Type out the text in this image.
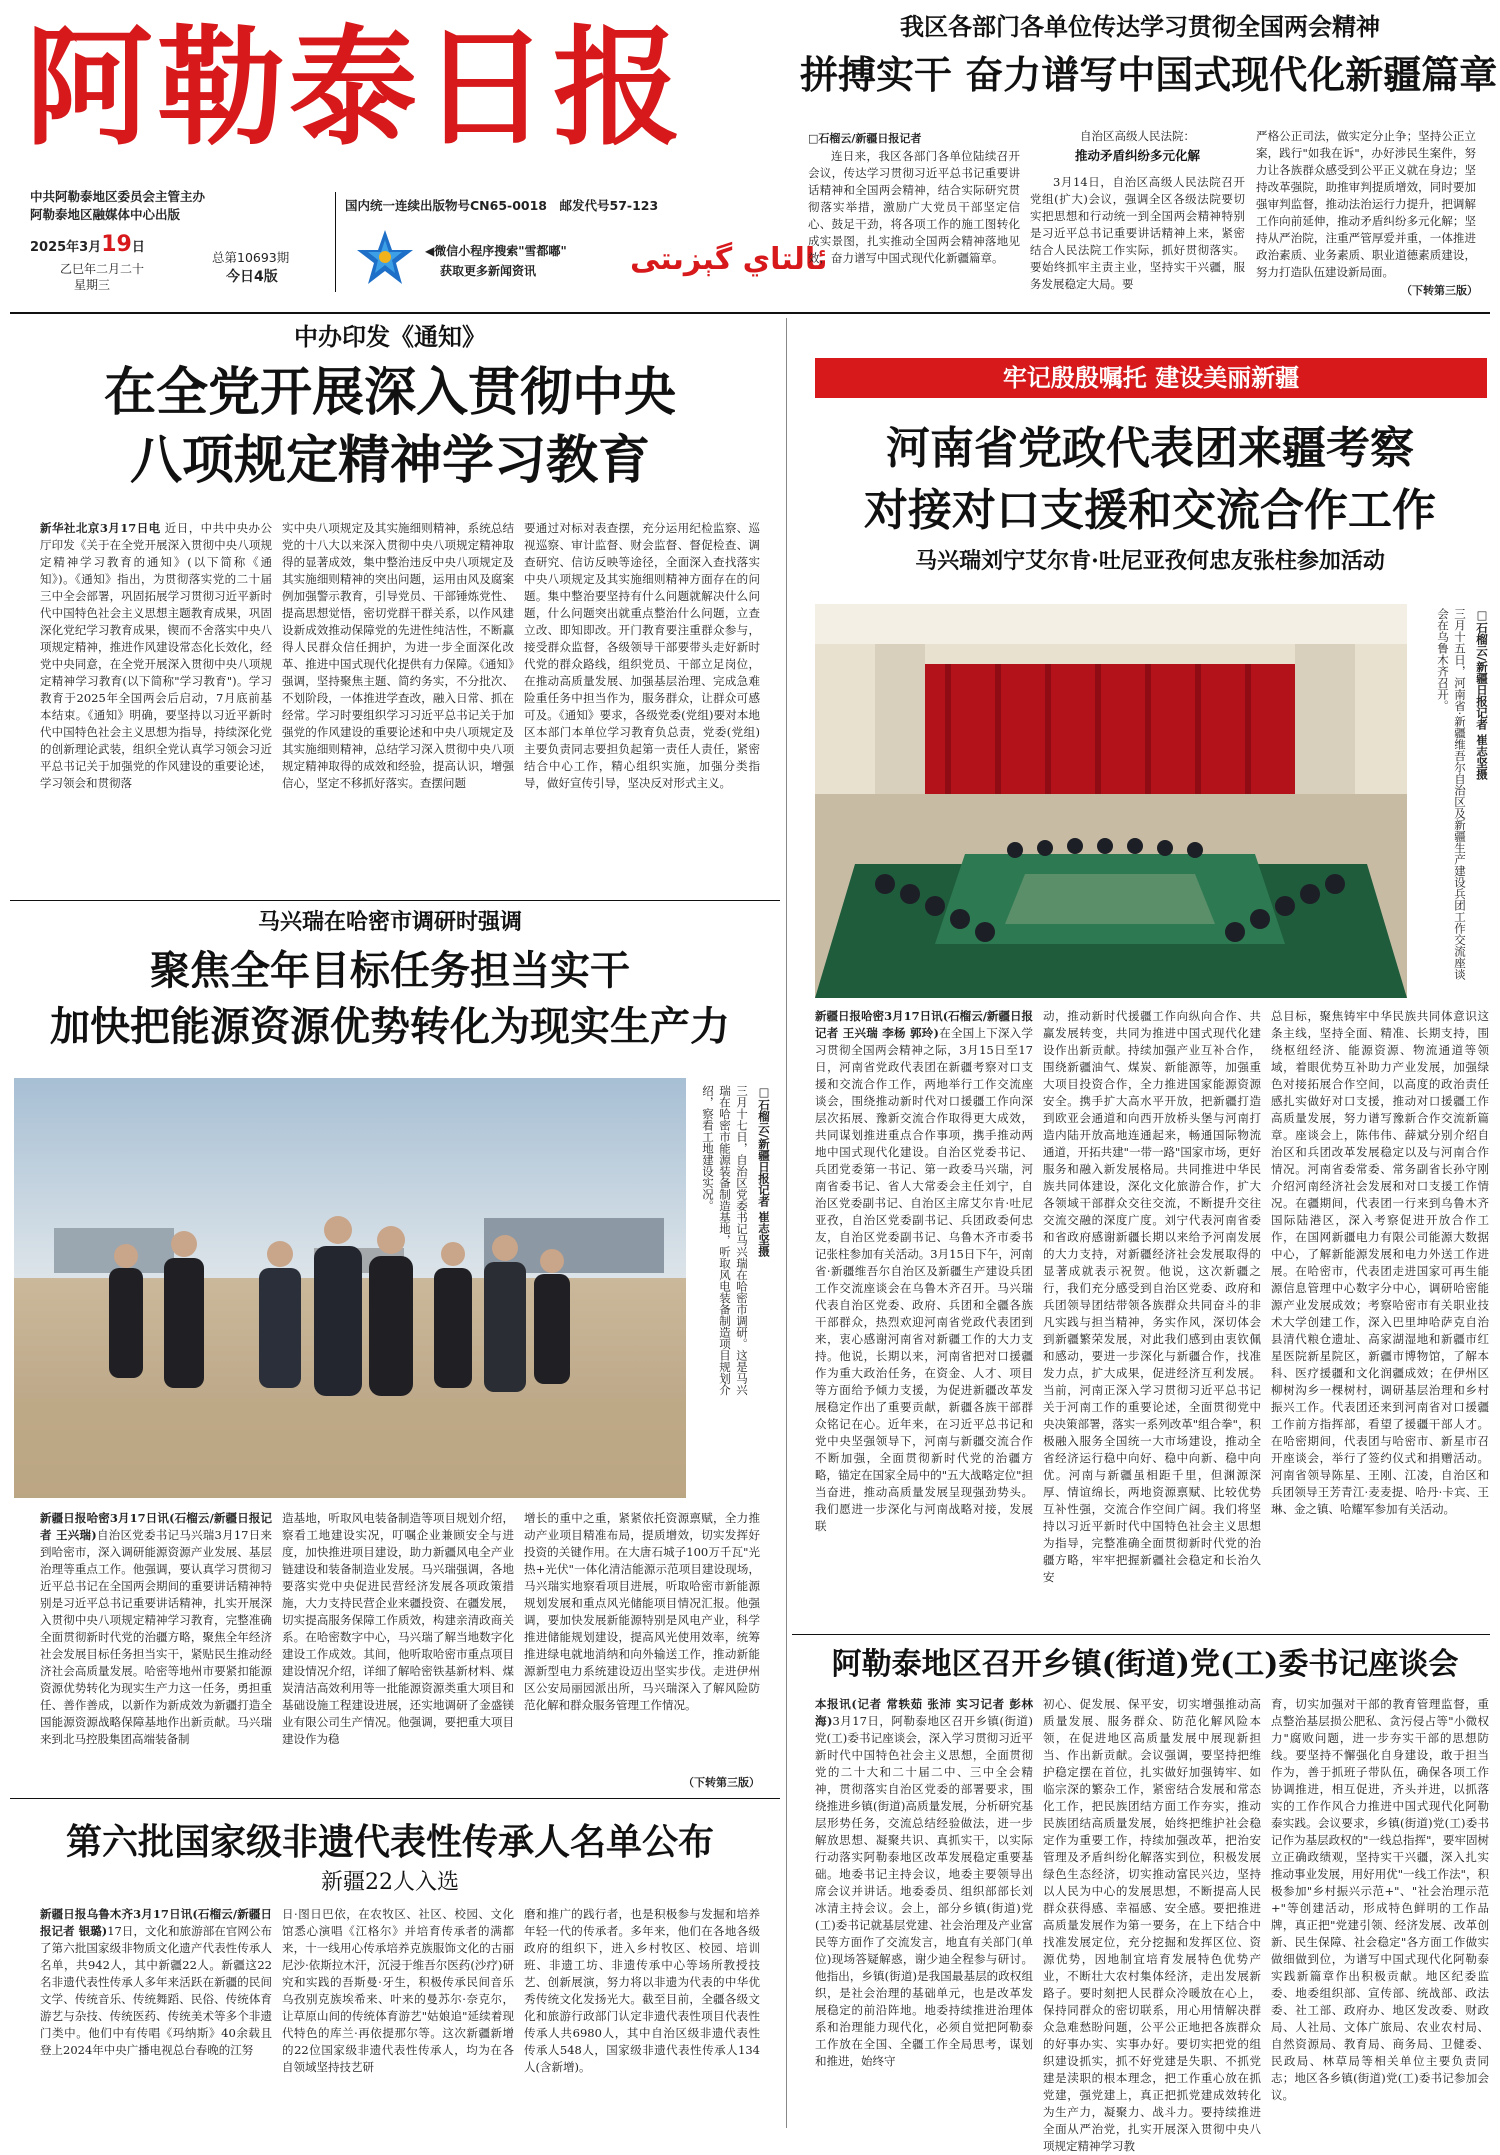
阿勒泰日报
中共阿勒泰地区委员会主管主办
阿勒泰地区融媒体中心出版
2025年3月19日
乙巳年二月二十
星期三
总第10693期
今日4版
国内统一连续出版物号CN65-0018　邮发代号57-123
◀微信小程序搜索"雪都嘟"
获取更多新闻资讯	ئالتاي گېزىتى
我区各部门各单位传达学习贯彻全国两会精神
拼搏实干 奋力谱写中国式现代化新疆篇章
□石榴云/新疆日报记者
连日来，我区各部门各单位陆续召开会议，传达学习贯彻习近平总书记重要讲话精神和全国两会精神，结合实际研究贯彻落实举措，激励广大党员干部坚定信心、鼓足干劲，将各项工作的施工图转化成实景图，扎实推动全国两会精神落地见效，奋力谱写中国式现代化新疆篇章。
自治区高级人民法院：
推动矛盾纠纷多元化解
3月14日，自治区高级人民法院召开党组(扩大)会议，强调全区各级法院要切实把思想和行动统一到全国两会精神特别是习近平总书记重要讲话精神上来，紧密结合人民法院工作实际，抓好贯彻落实。要始终抓牢主责主业，坚持实干兴疆，服务发展稳定大局。要
严格公正司法，做实定分止争；坚持公正立案，践行"如我在诉"，办好涉民生案件，努力让各族群众感受到公平正义就在身边；坚持改革强院，助推审判提质增效，同时要加强审判监督，推动法治运行力提升，把调解工作向前延伸，推动矛盾纠纷多元化解；坚持从严治院，注重严管厚爱并重，一体推进政治素质、业务素质、职业道德素质建设，努力打造队伍建设新局面。
（下转第三版）
中办印发《通知》
在全党开展深入贯彻中央
八项规定精神学习教育
新华社北京3月17日电 近日，中共中央办公厅印发《关于在全党开展深入贯彻中央八项规定精神学习教育的通知》(以下简称《通知》)。《通知》指出，为贯彻落实党的二十届三中全会部署，巩固拓展学习贯彻习近平新时代中国特色社会主义思想主题教育成果，巩固深化党纪学习教育成果，锲而不舍落实中央八项规定精神，推进作风建设常态化长效化，经党中央同意，在全党开展深入贯彻中央八项规定精神学习教育(以下简称"学习教育")。学习教育于2025年全国两会后启动，7月底前基本结束。《通知》明确，要坚持以习近平新时代中国特色社会主义思想为指导，持续深化党的创新理论武装，组织全党认真学习领会习近平总书记关于加强党的作风建设的重要论述，学习领会和贯彻落
实中央八项规定及其实施细则精神，系统总结党的十八大以来深入贯彻中央八项规定精神取得的显著成效，集中整治违反中央八项规定及其实施细则精神的突出问题，运用由风及腐案例加强警示教育，引导党员、干部锤炼党性、提高思想觉悟，密切党群干群关系，以作风建设新成效推动保障党的先进性纯洁性，不断赢得人民群众信任拥护，为进一步全面深化改革、推进中国式现代化提供有力保障。《通知》强调，坚持聚焦主题、简约务实，不分批次、不划阶段，一体推进学查改，融入日常、抓在经常。学习时要组织学习习近平总书记关于加强党的作风建设的重要论述和中央八项规定及其实施细则精神，总结学习深入贯彻中央八项规定精神取得的成效和经验，提高认识，增强信心，坚定不移抓好落实。查摆问题
要通过对标对表查摆，充分运用纪检监察、巡视巡察、审计监督、财会监督、督促检查、调查研究、信访反映等途径，全面深入查找落实中央八项规定及其实施细则精神方面存在的问题。集中整治要坚持有什么问题就解决什么问题，什么问题突出就重点整治什么问题，立查立改、即知即改。开门教育要注重群众参与，接受群众监督，各级领导干部要带头走好新时代党的群众路线，组织党员、干部立足岗位，在推动高质量发展、加强基层治理、完成急难险重任务中担当作为，服务群众，让群众可感可及。《通知》要求，各级党委(党组)要对本地区本部门本单位学习教育负总责，党委(党组)主要负责同志要担负起第一责任人责任，紧密结合中心工作，精心组织实施，加强分类指导，做好宣传引导，坚决反对形式主义。
马兴瑞在哈密市调研时强调
聚焦全年目标任务担当实干
加快把能源资源优势转化为现实生产力
三月十七日，自治区党委书记马兴瑞在哈密市调研。这是马兴瑞在哈密市能源装备制造基地，听取风电装备制造项目规划介绍，察看工地建设实况。	□石榴云/新疆日报记者 崔志坚摄
新疆日报哈密3月17日讯(石榴云/新疆日报记者 王兴瑞)自治区党委书记马兴瑞3月17日来到哈密市，深入调研能源资源产业发展、基层治理等重点工作。他强调，要认真学习贯彻习近平总书记在全国两会期间的重要讲话精神特别是习近平总书记重要讲话精神，扎实开展深入贯彻中央八项规定精神学习教育，完整准确全面贯彻新时代党的治疆方略，聚焦全年经济社会发展目标任务担当实干，紧贴民生推动经济社会高质量发展。哈密等地州市要紧扣能源资源优势转化为现实生产力这一任务，勇担重任、善作善成，以新作为新成效为新疆打造全国能源资源战略保障基地作出新贡献。马兴瑞来到北马控股集团高端装备制
造基地，听取风电装备制造等项目规划介绍，察看工地建设实况，叮嘱企业兼顾安全与进度，加快推进项目建设，助力新疆风电全产业链建设和装备制造业发展。马兴瑞强调，各地要落实党中央促进民营经济发展各项政策措施，大力支持民营企业来疆投资、在疆发展，切实提高服务保障工作质效，构建亲清政商关系。在哈密数字中心，马兴瑞了解当地数字化建设工作成效。其间，他听取哈密市重点项目建设情况介绍，详细了解哈密铁基新材料、煤炭清洁高效利用等一批能源资源类重大项目和基础设施工程建设进展，还实地调研了金盛镁业有限公司生产情况。他强调，要把重大项目建设作为稳
增长的重中之重，紧紧依托资源禀赋，全力推动产业项目精准布局，提质增效，切实发挥好投资的关键作用。在大唐石城子100万千瓦"光热+光伏"一体化清洁能源示范项目建设现场，马兴瑞实地察看项目进展，听取哈密市新能源规划发展和重点风光储能项目情况汇报。他强调，要加快发展新能源特别是风电产业，科学推进储能规划建设，提高风光使用效率，统筹推进绿电就地消纳和向外输送工作，推动新能源新型电力系统建设迈出坚实步伐。走进伊州区公安局丽园派出所，马兴瑞深入了解风险防范化解和群众服务管理工作情况。
（下转第三版）
第六批国家级非遗代表性传承人名单公布
新疆22人入选
新疆日报乌鲁木齐3月17日讯(石榴云/新疆日报记者 银璐)17日，文化和旅游部在官网公布了第六批国家级非物质文化遗产代表性传承人名单，共942人，其中新疆22人。新疆这22名非遗代表性传承人多年来活跃在新疆的民间文学、传统音乐、传统舞蹈、民俗、传统体育游艺与杂技、传统医药、传统美术等多个非遗门类中。他们中有传唱《玛纳斯》40余载且登上2024年中央广播电视总台春晚的江努
日·图日巴依，在农牧区、社区、校园、文化馆悉心演唱《江格尔》并培育传承者的满都来，十一线用心传承培养克族服饰文化的古丽尼沙·依斯拉木汗，沉浸于维吾尔医药(沙疗)研究和实践的吾斯曼·牙生，积极传承民间音乐乌孜别克族埃希来、叶来的曼苏尔·奈克尔，让草原山间的传统体育游艺"姑娘追"延续着现代特色的库兰·再依提那尔等。这次新疆新增的22位国家级非遗代表性传承人，均为在各自领域坚持技艺研
磨和推广的践行者，也是积极参与发掘和培养年轻一代的传承者。多年来，他们在各地各级政府的组织下，进入乡村牧区、校园、培训班、非遗工坊、非遗传承中心等场所教授技艺、创新展演，努力将以非遗为代表的中华优秀传统文化发扬光大。截至目前，全疆各级文化和旅游行政部门认定非遗代表性项目代表性传承人共6980人，其中自治区级非遗代表性传承人548人，国家级非遗代表性传承人134人(含新增)。
牢记殷殷嘱托 建设美丽新疆
河南省党政代表团来疆考察
对接对口支援和交流合作工作
马兴瑞刘宁艾尔肯·吐尼亚孜何忠友张柱参加活动
三月十五日，河南省·新疆维吾尔自治区及新疆生产建设兵团工作交流座谈会在乌鲁木齐召开。	□石榴云/新疆日报记者 崔志坚摄
新疆日报哈密3月17日讯(石榴云/新疆日报记者 王兴瑞 李杨 郭玲)在全国上下深入学习贯彻全国两会精神之际，3月15日至17日，河南省党政代表团在新疆考察对口支援和交流合作工作，两地举行工作交流座谈会，围绕推动新时代对口援疆工作向深层次拓展、豫新交流合作取得更大成效，共同谋划推进重点合作事项，携手推动两地中国式现代化建设。自治区党委书记、兵团党委第一书记、第一政委马兴瑞，河南省委书记、省人大常委会主任刘宁，自治区党委副书记、自治区主席艾尔肯·吐尼亚孜，自治区党委副书记、兵团政委何忠友，自治区党委副书记、乌鲁木齐市委书记张柱参加有关活动。3月15日下午，河南省·新疆维吾尔自治区及新疆生产建设兵团工作交流座谈会在乌鲁木齐召开。马兴瑞代表自治区党委、政府、兵团和全疆各族干部群众，热烈欢迎河南省党政代表团到来，衷心感谢河南省对新疆工作的大力支持。他说，长期以来，河南省把对口援疆作为重大政治任务，在资金、人才、项目等方面给予倾力支援，为促进新疆改革发展稳定作出了重要贡献，新疆各族干部群众铭记在心。近年来，在习近平总书记和党中央坚强领导下，河南与新疆交流合作不断加强，全面贯彻新时代党的治疆方略，锚定在国家全局中的"五大战略定位"担当奋进，推动高质量发展呈现强劲势头。我们愿进一步深化与河南战略对接，发展联
动，推动新时代援疆工作向纵向合作、共赢发展转变，共同为推进中国式现代化建设作出新贡献。持续加强产业互补合作，围绕新疆油气、煤炭、新能源等，加强重大项目投资合作，全力推进国家能源资源安全。携手扩大高水平开放，把新疆打造到欧亚会通道和向西开放桥头堡与河南打造内陆开放高地连通起来，畅通国际物流通道，开拓共建"一带一路"国家市场，更好服务和融入新发展格局。共同推进中华民族共同体建设，深化文化旅游合作，扩大各领域干部群众交往交流，不断提升交往交流交融的深度广度。刘宁代表河南省委和省政府感谢新疆长期以来给予河南发展的大力支持，对新疆经济社会发展取得的显著成就表示祝贺。他说，这次新疆之行，我们充分感受到自治区党委、政府和兵团领导团结带领各族群众共同奋斗的非凡实践与担当精神，务实作风，深切体会到新疆繁荣发展，对此我们感到由衷钦佩和感动，要进一步深化与新疆合作，找准发力点，扩大成果，促进经济互利发展。当前，河南正深入学习贯彻习近平总书记关于河南工作的重要论述，全面贯彻党中央决策部署，落实一系列改革"组合拳"，积极融入服务全国统一大市场建设，推动全省经济运行稳中向好、稳中向新、稳中向优。河南与新疆虽相距千里，但渊源深厚、情谊绵长，两地资源禀赋、比较优势互补性强，交流合作空间广阔。我们将坚持以习近平新时代中国特色社会主义思想为指导，完整准确全面贯彻新时代党的治疆方略，牢牢把握新疆社会稳定和长治久安
总目标，聚焦铸牢中华民族共同体意识这条主线，坚持全面、精准、长期支持，围绕枢纽经济、能源资源、物流通道等领域，着眼优势互补助力产业发展，加强绿色对接拓展合作空间，以高度的政治责任感扎实做好对口支援，推动对口援疆工作高质量发展，努力谱写豫新合作交流新篇章。座谈会上，陈伟伟、薛斌分别介绍自治区和兵团改革发展稳定以及与河南合作情况。河南省委常委、常务副省长孙守刚介绍河南经济社会发展和对口支援工作情况。在疆期间，代表团一行来到乌鲁木齐国际陆港区，深入考察促进开放合作工作，在国网新疆电力有限公司能源大数据中心，了解新能源发展和电力外送工作进展。在哈密市，代表团走进国家可再生能源信息管理中心数字分中心，调研哈密能源产业发展成效；考察哈密市有关职业技术大学创建工作，深入巴里坤哈萨克自治县清代粮仓遗址、高家湖湿地和新疆市红星医院新星院区，新疆市博物馆，了解本科、医疗援疆和文化润疆成效；在伊州区柳树沟乡一棵树村，调研基层治理和乡村振兴工作。代表团还来到河南省对口援疆工作前方指挥部，看望了援疆干部人才。在哈密期间，代表团与哈密市、新星市召开座谈会，举行了签约仪式和捐赠活动。河南省领导陈星、王刚、江凌，自治区和兵团领导王芳青江·麦麦提、哈丹·卡宾、王琳、金之镇、哈耀军参加有关活动。
阿勒泰地区召开乡镇(街道)党(工)委书记座谈会
本报讯(记者 常轶茹 张沛 实习记者 彭林海)3月17日，阿勒泰地区召开乡镇(街道)党(工)委书记座谈会，深入学习贯彻习近平新时代中国特色社会主义思想，全面贯彻党的二十大和二十届二中、三中全会精神，贯彻落实自治区党委的部署要求，围绕推进乡镇(街道)高质量发展，分析研究基层形势任务，交流总结经验做法，进一步解放思想、凝聚共识、真抓实干，以实际行动落实阿勒泰地区改革发展稳定重要基础。地委书记主持会议，地委主要领导出席会议并讲话。地委委员、组织部部长刘冰清主持会议。会上，部分乡镇(街道)党(工)委书记就基层党建、社会治理及产业富民等方面作了交流发言，地直有关部门(单位)现场答疑解惑，谢少迪全程参与研讨。他指出，乡镇(街道)是我国最基层的政权组织，是社会治理的基础单元，也是改革发展稳定的前沿阵地。地委持续推进治理体系和治理能力现代化，必须自觉把阿勒泰工作放在全国、全疆工作全局思考，谋划和推进，始终守
初心、促发展、保平安，切实增强推动高质量发展、服务群众、防范化解风险本领，在促进地区高质量发展中展现新担当、作出新贡献。会议强调，要坚持把维护稳定摆在首位，扎实做好加强铸牢、如临宗深的繁杂工作，紧密结合发展和常态化工作，把民族团结方面工作夯实，推动民族团结高质量发展，始终把维护社会稳定作为重要工作，持续加强改革，把治安管理及矛盾纠纷化解落实到位，积极发展绿色生态经济，切实推动富民兴边，坚持以人民为中心的发展思想，不断提高人民群众获得感、幸福感、安全感。要把推进高质量发展作为第一要务，在上下结合中找准发展定位，充分挖掘和发挥区位、资源优势，因地制宜培育发展特色优势产业，不断壮大农村集体经济，走出发展新路子。要时刻把人民群众冷暖放在心上，保持同群众的密切联系，用心用情解决群众急难愁盼问题，公平公正地把各族群众的好事办实、实事办好。要切实把党的组织建设抓实，抓不好党建是失职、不抓党建是渎职的根本理念，把工作重心放在抓党建，强党建上，真正把抓党建成效转化为生产力，凝聚力、战斗力。要持续推进全面从严治党，扎实开展深入贯彻中央八项规定精神学习教
育，切实加强对干部的教育管理监督，重点整治基层损公肥私、贪污侵占等"小微权力"腐败问题，进一步夯实干部的思想防线。要坚持不懈强化自身建设，敢于担当作为，善于抓班子带队伍，确保各项工作协调推进，相互促进，齐头并进，以抓落实的工作作风合力推进中国式现代化阿勒泰实践。会议要求，乡镇(街道)党(工)委书记作为基层政权的"一线总指挥"，要牢固树立正确政绩观，坚持实干兴疆，深入扎实推动事业发展，用好用优"一线工作法"，积极参加"乡村振兴示范+"、"社会治理示范+"等创建活动，形成特色鲜明的工作品牌，真正把"党建引领、经济发展、改革创新、民生保障、社会稳定"各方面工作做实做细做到位，为谱写中国式现代化阿勒泰实践新篇章作出积极贡献。地区纪委监委、地委组织部、宣传部、统战部、政法委、社工部、政府办、地区发改委、财政局、人社局、文体广旅局、农业农村局、自然资源局、教育局、商务局、卫健委、民政局、林草局等相关单位主要负责同志；地区各乡镇(街道)党(工)委书记参加会议。
